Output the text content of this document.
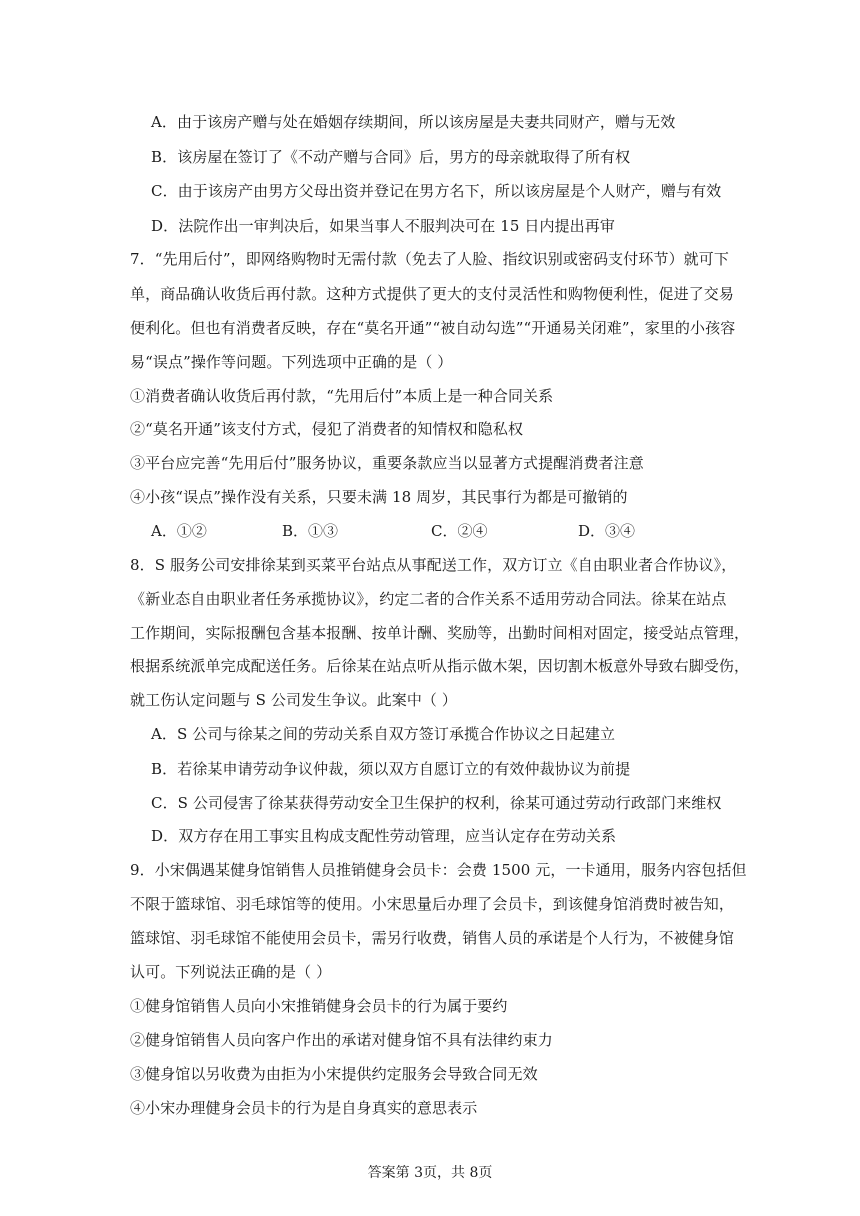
A．由于该房产赠与处在婚姻存续期间，所以该房屋是夫妻共同财产，赠与无效
B．该房屋在签订了《不动产赠与合同》后，男方的母亲就取得了所有权
C．由于该房产由男方父母出资并登记在男方名下，所以该房屋是个人财产，赠与有效
D．法院作出一审判决后，如果当事人不服判决可在 15 日内提出再审
7．“先用后付”，即网络购物时无需付款（免去了人脸、指纹识别或密码支付环节）就可下
单，商品确认收货后再付款。这种方式提供了更大的支付灵活性和购物便利性，促进了交易
便利化。但也有消费者反映，存在“莫名开通”“被自动勾选”“开通易关闭难”，家里的小孩容
易“误点”操作等问题。下列选项中正确的是（ ）
①消费者确认收货后再付款，“先用后付”本质上是一种合同关系
②“莫名开通”该支付方式，侵犯了消费者的知情权和隐私权
③平台应完善“先用后付”服务协议，重要条款应当以显著方式提醒消费者注意
④小孩“误点”操作没有关系，只要未满 18 周岁，其民事行为都是可撤销的
A．①②	B．①③	C．②④	D．③④
8．S 服务公司安排徐某到买菜平台站点从事配送工作，双方订立《自由职业者合作协议》，
《新业态自由职业者任务承揽协议》，约定二者的合作关系不适用劳动合同法。徐某在站点
工作期间，实际报酬包含基本报酬、按单计酬、奖励等，出勤时间相对固定，接受站点管理，
根据系统派单完成配送任务。后徐某在站点听从指示做木架，因切割木板意外导致右脚受伤，
就工伤认定问题与 S 公司发生争议。此案中（ ）
A．S 公司与徐某之间的劳动关系自双方签订承揽合作协议之日起建立
B．若徐某申请劳动争议仲裁，须以双方自愿订立的有效仲裁协议为前提
C．S 公司侵害了徐某获得劳动安全卫生保护的权利，徐某可通过劳动行政部门来维权
D．双方存在用工事实且构成支配性劳动管理，应当认定存在劳动关系
9．小宋偶遇某健身馆销售人员推销健身会员卡：会费 1500 元，一卡通用，服务内容包括但
不限于篮球馆、羽毛球馆等的使用。小宋思量后办理了会员卡，到该健身馆消费时被告知，
篮球馆、羽毛球馆不能使用会员卡，需另行收费，销售人员的承诺是个人行为，不被健身馆
认可。下列说法正确的是（ ）
①健身馆销售人员向小宋推销健身会员卡的行为属于要约
②健身馆销售人员向客户作出的承诺对健身馆不具有法律约束力
③健身馆以另收费为由拒为小宋提供约定服务会导致合同无效
④小宋办理健身会员卡的行为是自身真实的意思表示
答案第 3页，共 8页
